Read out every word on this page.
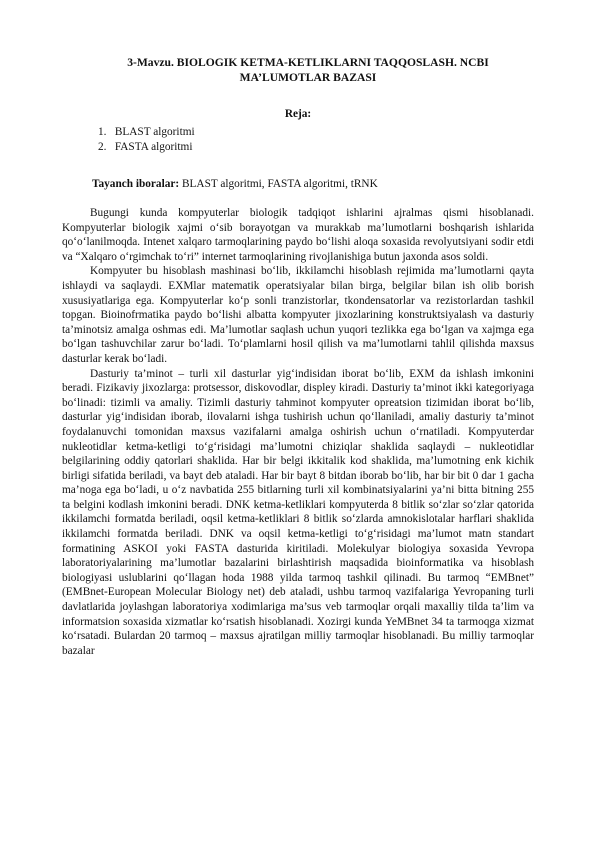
3-Mavzu. BIOLOGIK KETMA-KETLIKLARNI TAQQOSLASH. NCBI
MA’LUMOTLAR BAZASI
Reja:
1. BLAST algoritmi
2. FASTA algoritmi
Tayanch iboralar: BLAST algoritmi, FASTA algoritmi, tRNK

Bugungi kunda kompyuterlar biologik tadqiqot ishlarini ajralmas qismi hisoblanadi. Kompyuterlar biologik xajmi o‘sib borayotgan va murakkab ma’lumotlarni boshqarish ishlarida qo‘o‘lanilmoqda. Intenet xalqaro tarmoqlarining paydo bo‘lishi aloqa soxasida revolyutsiyani sodir etdi va “Xalqaro o‘rgimchak to‘ri” internet tarmoqlarining rivojlanishiga butun jaxonda asos soldi.

Kompyuter bu hisoblash mashinasi bo‘lib, ikkilamchi hisoblash rejimida ma’lumotlarni qayta ishlaydi va saqlaydi. EXMlar matematik operatsiyalar bilan birga, belgilar bilan ish olib borish xususiyatlariga ega. Kompyuterlar ko‘p sonli tranzistorlar, tkondensatorlar va rezistorlardan tashkil topgan. Bioinofrmatika paydo bo‘lishi albatta kompyuter jixozlarining konstruktsiyalash va dasturiy ta’minotsiz amalga oshmas edi. Ma’lumotlar saqlash uchun yuqori tezlikka ega bo‘lgan va xajmga ega bo‘lgan tashuvchilar zarur bo‘ladi. To‘plamlarni hosil qilish va ma’lumotlarni tahlil qilishda maxsus dasturlar kerak bo‘ladi.

Dasturiy ta’minot – turli xil dasturlar yig‘indisidan iborat bo‘lib, EXM da ishlash imkonini beradi. Fizikaviy jixozlarga: protsessor, diskovodlar, displey kiradi. Dasturiy ta’minot ikki kategoriyaga bo‘linadi: tizimli va amaliy. Tizimli dasturiy tahminot kompyuter opreatsion tizimidan iborat bo‘lib, dasturlar yig‘indisidan iborab, ilovalarni ishga tushirish uchun qo‘llaniladi, amaliy dasturiy ta’minot foydalanuvchi tomonidan maxsus vazifalarni amalga oshirish uchun o‘rnatiladi. Kompyuterdar nukleotidlar ketma-ketligi to‘g‘risidagi ma’lumotni chiziqlar shaklida saqlaydi – nukleotidlar belgilarining oddiy qatorlari shaklida. Har bir belgi ikkitalik kod shaklida, ma’lumotning enk kichik birligi sifatida beriladi, va bayt deb ataladi. Har bir bayt 8 bitdan iborab bo‘lib, har bir bit 0 dar 1 gacha ma’noga ega bo‘ladi, u o‘z navbatida 255 bitlarning turli xil kombinatsiyalarini ya’ni bitta bitning 255 ta belgini kodlash imkonini beradi. DNK ketma-ketliklari kompyuterda 8 bitlik so‘zlar so‘zlar qatorida ikkilamchi formatda beriladi, oqsil ketma-ketliklari 8 bitlik so‘zlarda amnokislotalar harflari shaklida ikkilamchi formatda beriladi. DNK va oqsil ketma-ketligi to‘g‘risidagi ma’lumot matn standart formatining ASKOI yoki FASTA dasturida kiritiladi. Molekulyar biologiya soxasida Yevropa laboratoriyalarining ma’lumotlar bazalarini birlashtirish maqsadida bioinformatika va hisoblash biologiyasi uslublarini qo‘llagan hoda 1988 yilda tarmoq tashkil qilinadi. Bu tarmoq “EMBnet” (EMBnet-European Molecular Biology net) deb ataladi, ushbu tarmoq vazifalariga Yevropaning turli davlatlarida joylashgan laboratoriya xodimlariga ma’sus veb tarmoqlar orqali maxalliy tilda ta’lim va informatsion soxasida xizmatlar ko‘rsatish hisoblanadi. Xozirgi kunda YeMBnet 34 ta tarmoqga xizmat ko‘rsatadi. Bulardan 20 tarmoq – maxsus ajratilgan milliy tarmoqlar hisoblanadi. Bu milliy tarmoqlar bazalar
